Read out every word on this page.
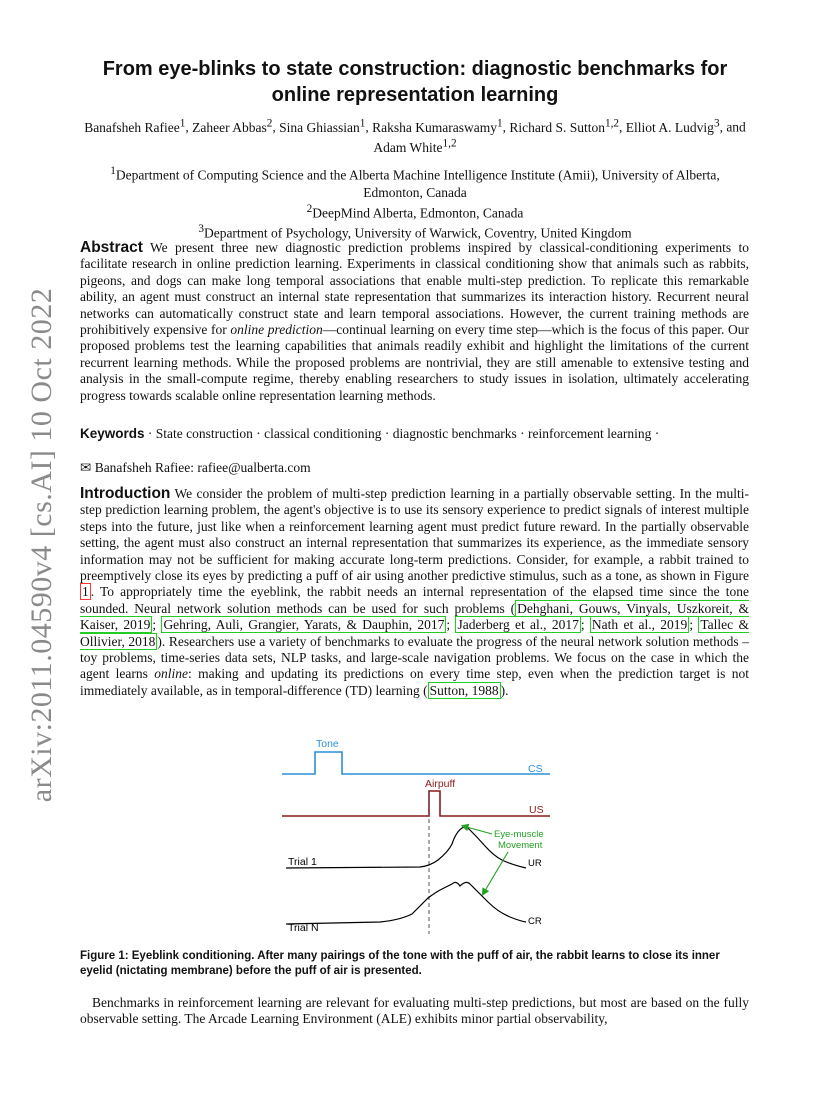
arXiv:2011.04590v4 [cs.AI] 10 Oct 2022
From eye-blinks to state construction: diagnostic benchmarks for online representation learning
Banafsheh Rafiee$^1$, Zaheer Abbas$^2$, Sina Ghiassian$^1$, Raksha Kumaraswamy$^1$, Richard S. Sutton$^{1,2}$, Elliot A. Ludvig$^3$, and Adam White$^{1,2}$
$^1$Department of Computing Science and the Alberta Machine Intelligence Institute (Amii), University of Alberta, Edmonton, Canada
$^2$DeepMind Alberta, Edmonton, Canada
$^3$Department of Psychology, University of Warwick, Coventry, United Kingdom

Abstract We present three new diagnostic prediction problems inspired by classical-conditioning experiments to facilitate research in online prediction learning. Experiments in classical conditioning show that animals such as rabbits, pigeons, and dogs can make long temporal associations that enable multi-step prediction. To replicate this remarkable ability, an agent must construct an internal state representation that summarizes its interaction history. Recurrent neural networks can automatically construct state and learn temporal associations. However, the current training methods are prohibitively expensive for online prediction—continual learning on every time step—which is the focus of this paper. Our proposed problems test the learning capabilities that animals readily exhibit and highlight the limitations of the current recurrent learning methods. While the proposed problems are nontrivial, they are still amenable to extensive testing and analysis in the small-compute regime, thereby enabling researchers to study issues in isolation, ultimately accelerating progress towards scalable online representation learning methods.

Keywords · State construction · classical conditioning · diagnostic benchmarks · reinforcement learning ·

✉ Banafsheh Rafiee: rafiee@ualberta.com

Introduction We consider the problem of multi-step prediction learning in a partially observable setting. In the multi-step prediction learning problem, the agent's objective is to use its sensory experience to predict signals of interest multiple steps into the future, just like when a reinforcement learning agent must predict future reward. In the partially observable setting, the agent must also construct an internal representation that summarizes its experience, as the immediate sensory information may not be sufficient for making accurate long-term predictions. Consider, for example, a rabbit trained to preemptively close its eyes by predicting a puff of air using another predictive stimulus, such as a tone, as shown in Figure 1 . To appropriately time the eyeblink, the rabbit needs an internal representation of the elapsed time since the tone sounded. Neural network solution methods can be used for such problems ( Dehghani, Gouws, Vinyals, Uszkoreit, & Kaiser, 2019 ; Gehring, Auli, Grangier, Yarats, & Dauphin, 2017 ; Jaderberg et al., 2017 ; Nath et al., 2019 ; Tallec & Ollivier, 2018 ). Researchers use a variety of benchmarks to evaluate the progress of the neural network solution methods – toy problems, time-series data sets, NLP tasks, and large-scale navigation problems. We focus on the case in which the agent learns online: making and updating its predictions on every time step, even when the prediction target is not immediately available, as in temporal-difference (TD) learning ( Sutton, 1988 ).

Tone
CS
Airpuff
US
Trial 1	UR
Trial N
CR
Eye-muscle
Movement

Figure 1: Eyeblink conditioning. After many pairings of the tone with the puff of air, the rabbit learns to close its inner eyelid (nictating membrane) before the puff of air is presented.

Benchmarks in reinforcement learning are relevant for evaluating multi-step predictions, but most are based on the fully observable setting. The Arcade Learning Environment (ALE) exhibits minor partial observability,
